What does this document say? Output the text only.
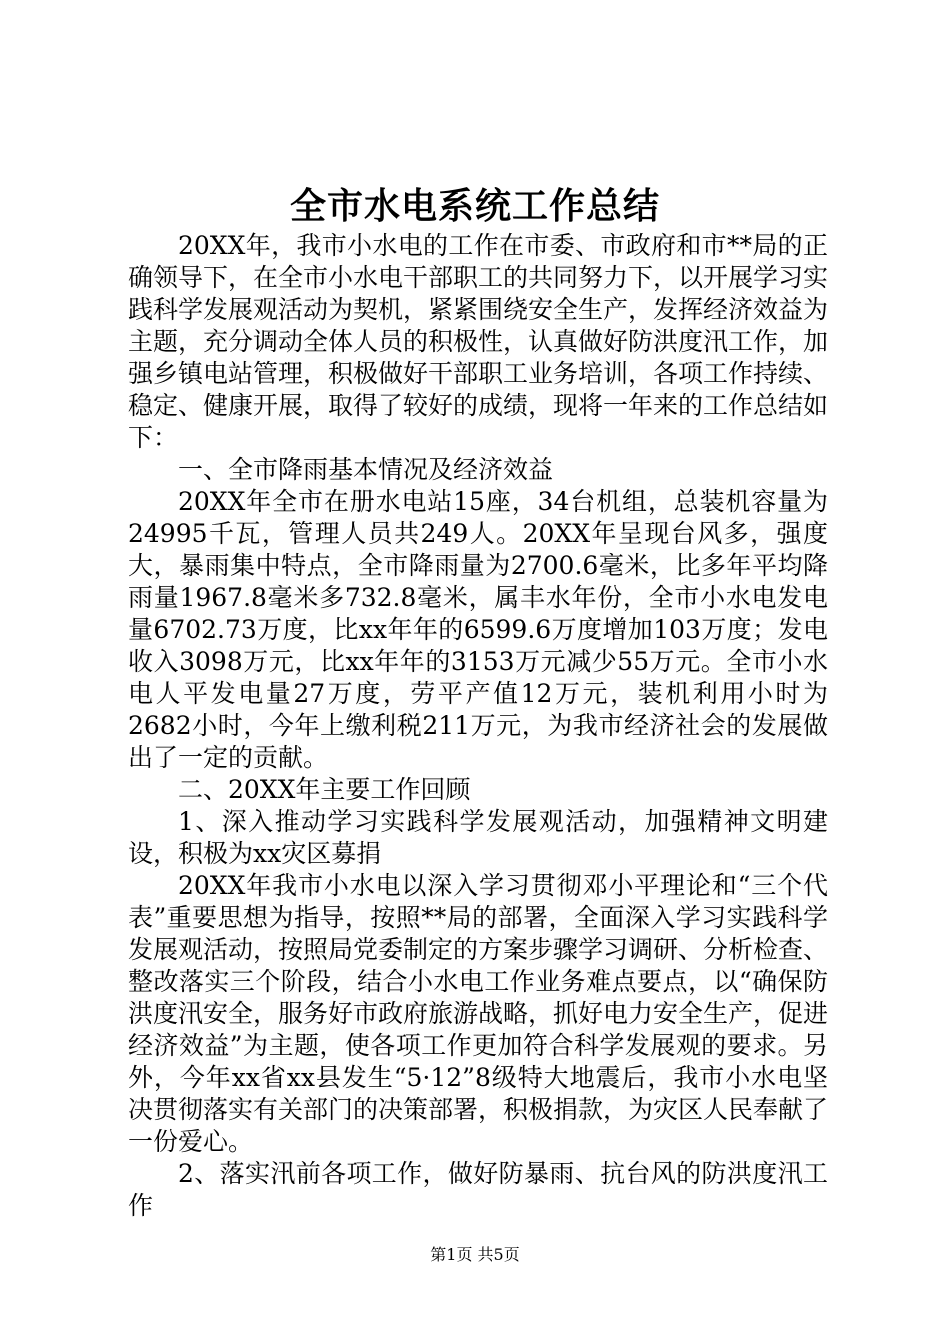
全市水电系统工作总结

20XX年，我市小水电的工作在市委、市政府和市**局的正确领导下，在全市小水电干部职工的共同努力下，以开展学习实践科学发展观活动为契机，紧紧围绕安全生产，发挥经济效益为主题，充分调动全体人员的积极性，认真做好防洪度汛工作，加强乡镇电站管理，积极做好干部职工业务培训，各项工作持续、稳定、健康开展，取得了较好的成绩，现将一年来的工作总结如下：

一、全市降雨基本情况及经济效益

20XX年全市在册水电站15座，34台机组，总装机容量为24995千瓦，管理人员共249人。20XX年呈现台风多，强度大，暴雨集中特点，全市降雨量为2700.6毫米，比多年平均降雨量1967.8毫米多732.8毫米，属丰水年份，全市小水电发电量6702.73万度，比xx年年的6599.6万度增加103万度；发电收入3098万元，比xx年年的3153万元减少55万元。全市小水电人平发电量27万度，劳平产值12万元，装机利用小时为2682小时，今年上缴利税211万元，为我市经济社会的发展做出了一定的贡献。

二、20XX年主要工作回顾

1、深入推动学习实践科学发展观活动，加强精神文明建设，积极为xx灾区募捐

20XX年我市小水电以深入学习贯彻邓小平理论和“三个代表”重要思想为指导，按照**局的部署，全面深入学习实践科学发展观活动，按照局党委制定的方案步骤学习调研、分析检查、整改落实三个阶段，结合小水电工作业务难点要点，以“确保防洪度汛安全，服务好市政府旅游战略，抓好电力安全生产，促进经济效益”为主题，使各项工作更加符合科学发展观的要求。另外，今年xx省xx县发生“5·12”8级特大地震后，我市小水电坚决贯彻落实有关部门的决策部署，积极捐款，为灾区人民奉献了一份爱心。

2、落实汛前各项工作，做好防暴雨、抗台风的防洪度汛工作

第1页 共5页
